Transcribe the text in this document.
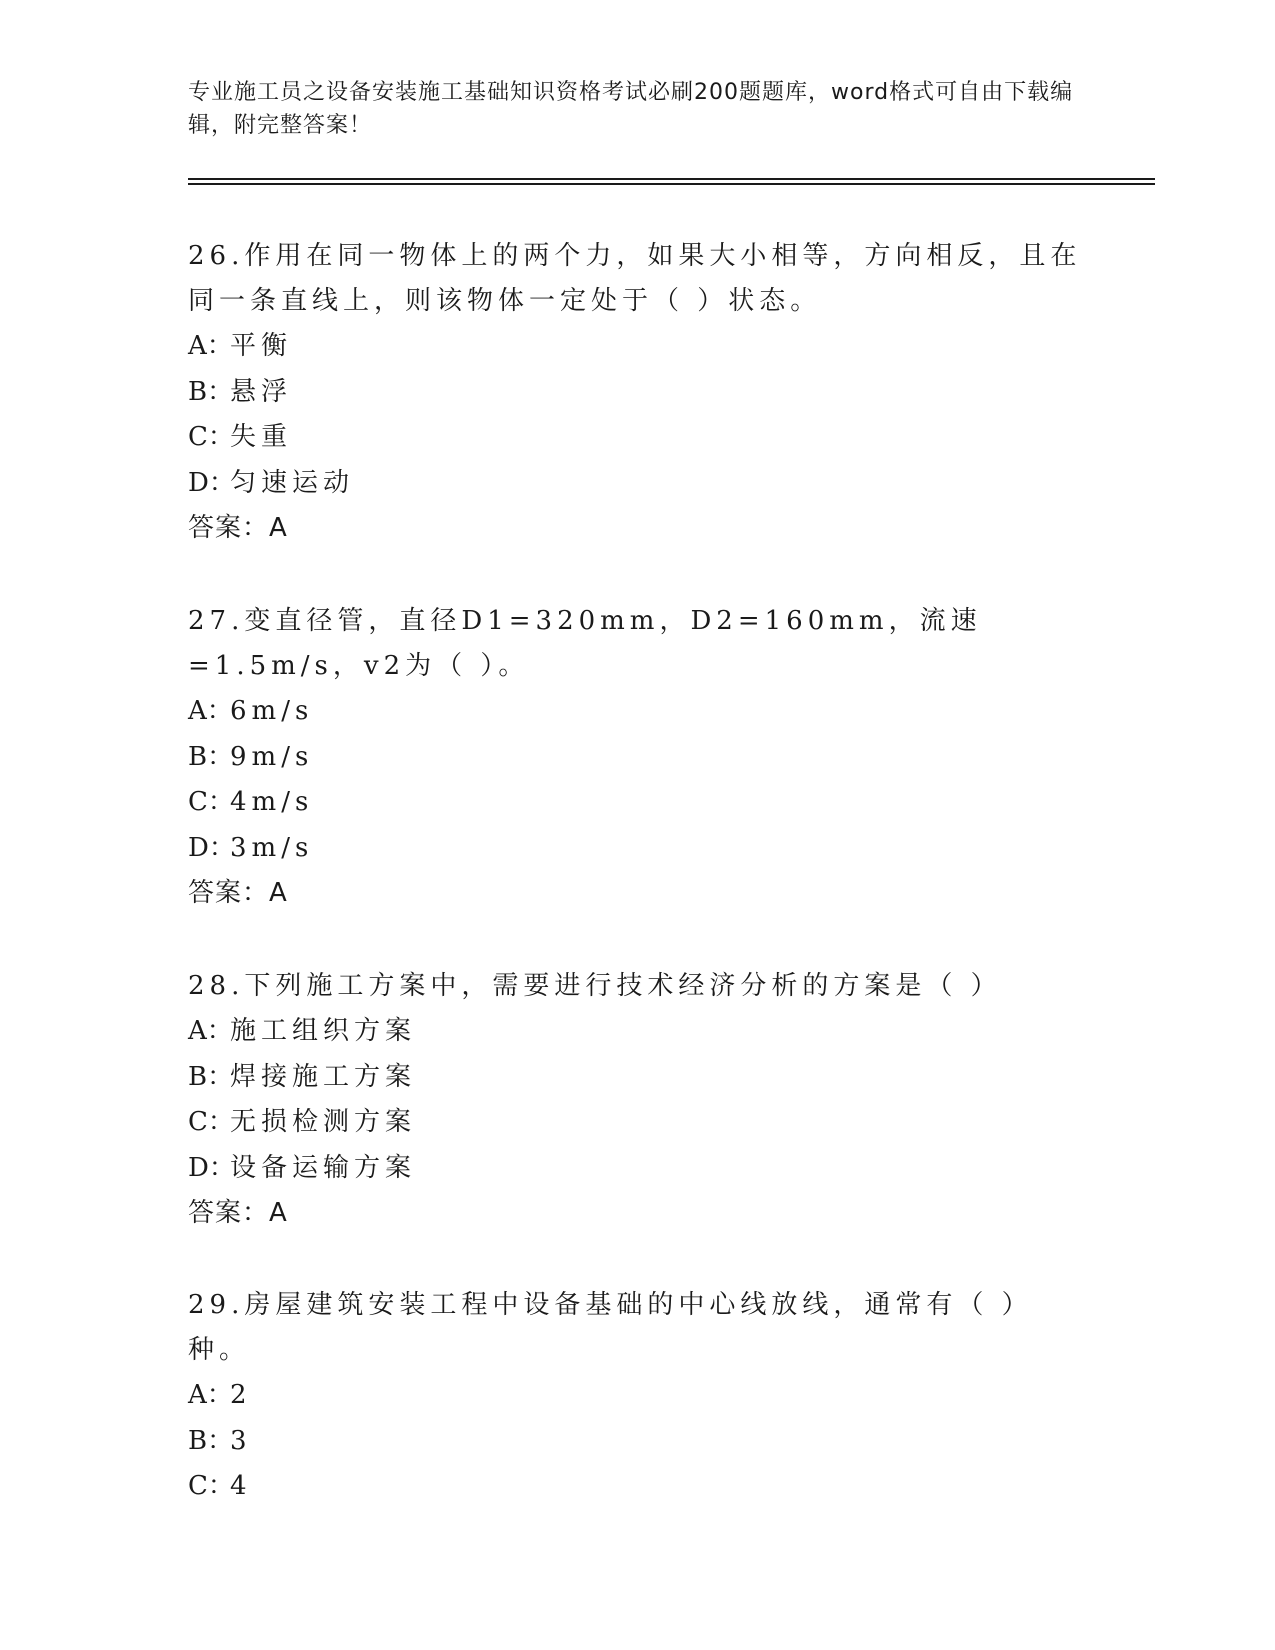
专业施工员之设备安装施工基础知识资格考试必刷200题题库，word格式可自由下载编辑，附完整答案！

26.作用在同一物体上的两个力，如果大小相等，方向相反，且在同一条直线上，则该物体一定处于（ ）状态。

A：平衡
B：悬浮
C：失重
D：匀速运动
答案：A

27.变直径管，直径D1=320mm，D2=160mm，流速=1.5m/s，v2为（ ）。

A：6m/s
B：9m/s
C：4m/s
D：3m/s
答案：A

28.下列施工方案中，需要进行技术经济分析的方案是（ ）

A：施工组织方案
B：焊接施工方案
C：无损检测方案
D：设备运输方案
答案：A

29.房屋建筑安装工程中设备基础的中心线放线，通常有（ ）种。

A：2
B：3
C：4
